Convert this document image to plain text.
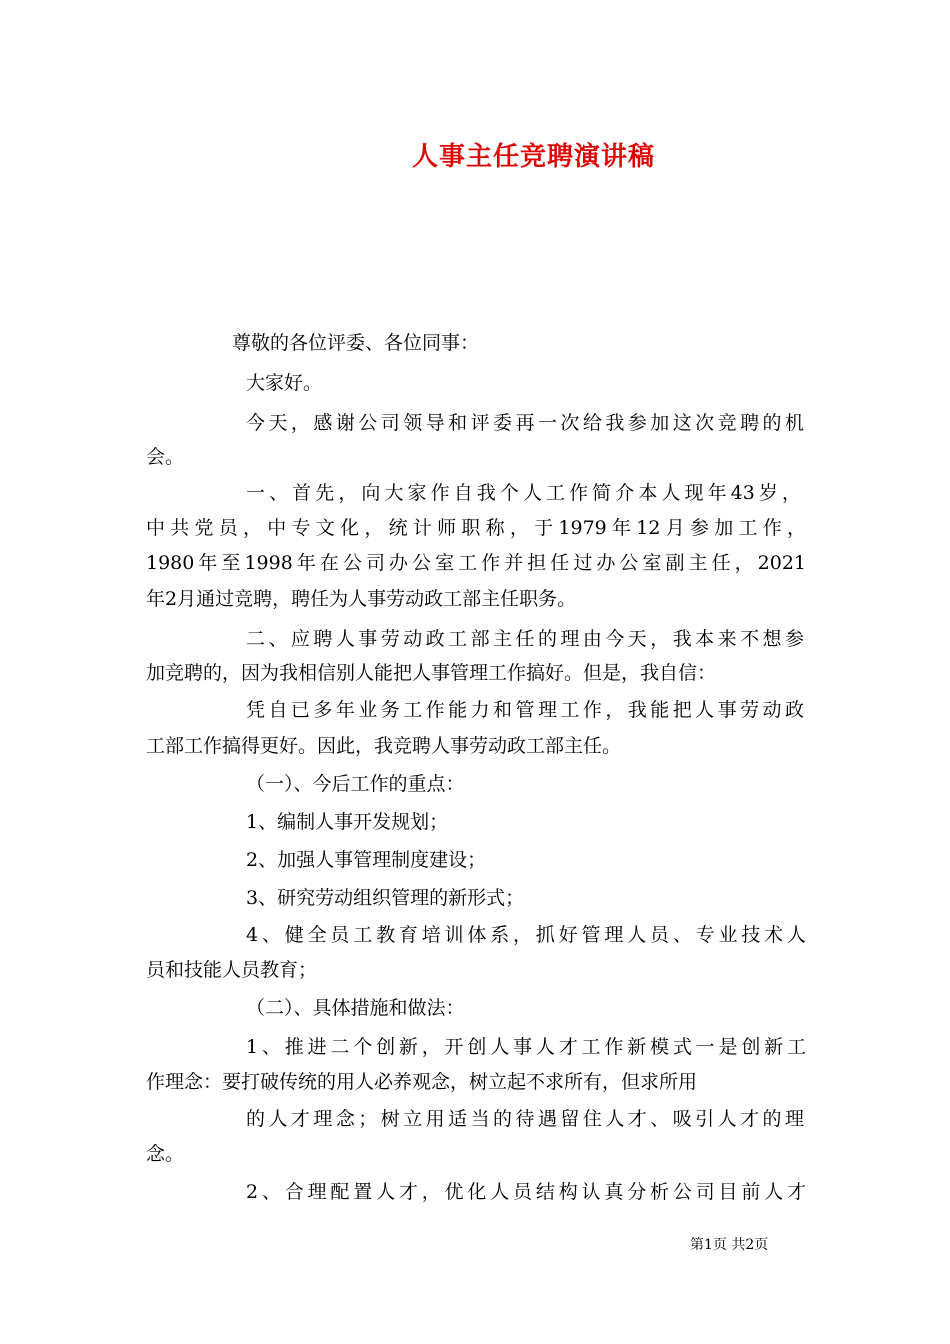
人事主任竞聘演讲稿
尊敬的各位评委、各位同事：
大家好。
今天，感谢公司领导和评委再一次给我参加这次竞聘的机
会。
一、首先，向大家作自我个人工作简介本人现年43岁，
中共党员，中专文化，统计师职称，于1979年12月参加工作，
1980年至1998年在公司办公室工作并担任过办公室副主任，2021
年2月通过竞聘，聘任为人事劳动政工部主任职务。
二、应聘人事劳动政工部主任的理由今天，我本来不想参
加竞聘的，因为我相信别人能把人事管理工作搞好。但是，我自信：
凭自已多年业务工作能力和管理工作，我能把人事劳动政
工部工作搞得更好。因此，我竞聘人事劳动政工部主任。
（一）、今后工作的重点：
1、编制人事开发规划；
2、加强人事管理制度建设；
3、研究劳动组织管理的新形式；
4、健全员工教育培训体系，抓好管理人员、专业技术人
员和技能人员教育；
（二）、具体措施和做法：
1、推进二个创新，开创人事人才工作新模式一是创新工
作理念：要打破传统的用人必养观念，树立起不求所有，但求所用
的人才理念；树立用适当的待遇留住人才、吸引人才的理
念。
2、合理配置人才，优化人员结构认真分析公司目前人才
第1页 共2页
